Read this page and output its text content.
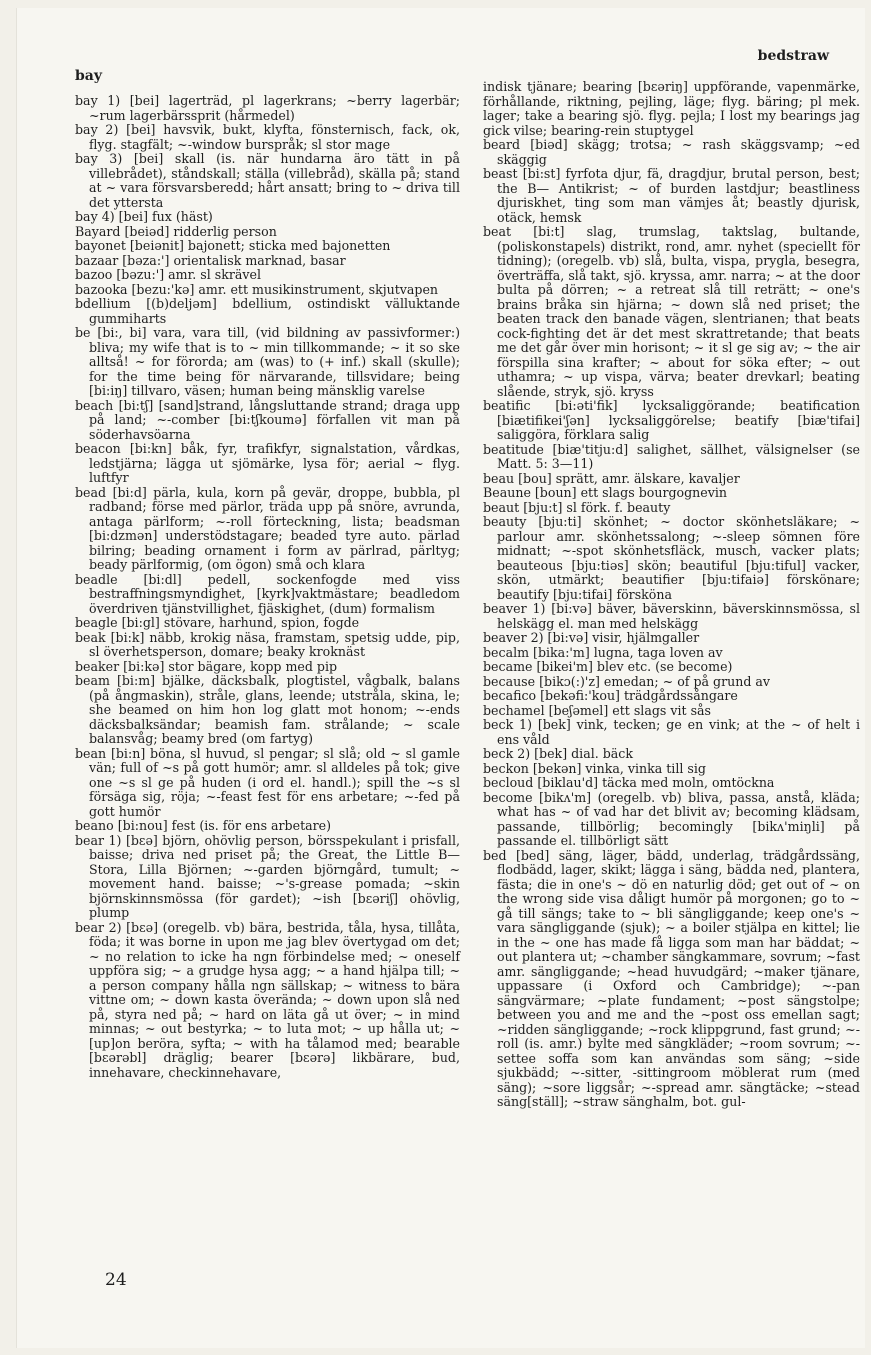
bay
bedstraw

bay 1) [bei] lagerträd, pl lagerkrans; ~berry lagerbär; ~rum lagerbärssprit (hårmedel)

bay 2) [bei] havsvik, bukt, klyfta, fönsternisch, fack, ok, flyg. stagfält; ~-window burspråk; sl stor mage

bay 3) [bei] skall (is. när hundarna äro tätt in på villebrådet), ståndskall; ställa (villebråd), skälla på; stand at ~ vara försvarsberedd; hårt ansatt; bring to ~ driva till det yttersta

bay 4) [bei] fux (häst)

Bayard [beiəd] ridderlig person

bayonet [beiənit] bajonett; sticka med bajonetten

bazaar [bəza:'] orientalisk marknad, basar

bazoo [bəzu:'] amr. sl skrävel

bazooka [bezu:'kə] amr. ett musikinstrument, skjutvapen

bdellium [(b)deljəm] bdellium, ostindiskt välluktande gummiharts

be [bi:, bi] vara, vara till, (vid bildning av passivformer:) bliva; my wife that is to ~ min tillkommande; ~ it so ske alltså! ~ for förorda; am (was) to (+ inf.) skall (skulle); for the time being för närvarande, tillsvidare; being [bi:iŋ] tillvaro, väsen; human being mänsklig varelse

beach [bi:tʃ] [sand]strand, långsluttande strand; draga upp på land; ~-comber [bi:tʃkoumə] förfallen vit man på söderhavsöarna

beacon [bi:kn] båk, fyr, trafikfyr, signalstation, vårdkas, ledstjärna; lägga ut sjömärke, lysa för; aerial ~ flyg. luftfyr

bead [bi:d] pärla, kula, korn på gevär, droppe, bubbla, pl radband; förse med pärlor, träda upp på snöre, avrunda, antaga pärlform; ~-roll förteckning, lista; beadsman [bi:dzmən] understödstagare; beaded tyre auto. pärlad bilring; beading ornament i form av pärlrad, pärltyg; beady pärlformig, (om ögon) små och klara

beadle [bi:dl] pedell, sockenfogde med viss bestraffningsmyndighet, [kyrk]vaktmästare; beadledom överdriven tjänstvillighet, fjäskighet, (dum) formalism

beagle [bi:gl] stövare, harhund, spion, fogde

beak [bi:k] näbb, krokig näsa, framstam, spetsig udde, pip, sl överhetsperson, domare; beaky kroknäst

beaker [bi:kə] stor bägare, kopp med pip

beam [bi:m] bjälke, däcksbalk, plogtistel, vågbalk, balans (på ångmaskin), stråle, glans, leende; utstråla, skina, le; she beamed on him hon log glatt mot honom; ~-ends däcksbalksändar; beamish fam. strålande; ~ scale balansvåg; beamy bred (om fartyg)

bean [bi:n] böna, sl huvud, sl pengar; sl slå; old ~ sl gamle vän; full of ~s på gott humör; amr. sl alldeles på tok; give one ~s sl ge på huden (i ord el. handl.); spill the ~s sl försäga sig, röja; ~-feast fest för ens arbetare; ~-fed på gott humör

beano [bi:nou] fest (is. för ens arbetare)

bear 1) [bɛə] björn, ohövlig person, börsspekulant i prisfall, baisse; driva ned priset på; the Great, the Little B— Stora, Lilla Björnen; ~-garden björngård, tumult; ~ movement hand. baisse; ~'s-grease pomada; ~skin björnskinnsmössa (för gardet); ~ish [bɛəriʃ] ohövlig, plump

bear 2) [bɛə] (oregelb. vb) bära, bestrida, tåla, hysa, tillåta, föda; it was borne in upon me jag blev övertygad om det; ~ no relation to icke ha ngn förbindelse med; ~ oneself uppföra sig; ~ a grudge hysa agg; ~ a hand hjälpa till; ~ a person company hålla ngn sällskap; ~ witness to bära vittne om; ~ down kasta överända; ~ down upon slå ned på, styra ned på; ~ hard on läta gå ut över; ~ in mind minnas; ~ out bestyrka; ~ to luta mot; ~ up hålla ut; ~ [up]on beröra, syfta; ~ with ha tålamod med; bearable [bɛərəbl] dräglig; bearer [bɛərə] likbärare, bud, innehavare, checkinnehavare,

indisk tjänare; bearing [bɛəriŋ] uppförande, vapenmärke, förhållande, riktning, pejling, läge; flyg. bäring; pl mek. lager; take a bearing sjö. flyg. pejla; I lost my bearings jag gick vilse; bearing-rein stuptygel

beard [biəd] skägg; trotsa; ~ rash skäggsvamp; ~ed skäggig

beast [bi:st] fyrfota djur, fä, dragdjur, brutal person, best; the B— Antikrist; ~ of burden lastdjur; beastliness djuriskhet, ting som man vämjes åt; beastly djurisk, otäck, hemsk

beat [bi:t] slag, trumslag, taktslag, bultande, (poliskonstapels) distrikt, rond, amr. nyhet (speciellt för tidning); (oregelb. vb) slå, bulta, vispa, prygla, besegra, överträffa, slå takt, sjö. kryssa, amr. narra; ~ at the door bulta på dörren; ~ a retreat slå till reträtt; ~ one's brains bråka sin hjärna; ~ down slå ned priset; the beaten track den banade vägen, slentrianen; that beats cock-fighting det är det mest skrattretande; that beats me det går över min horisont; ~ it sl ge sig av; ~ the air förspilla sina krafter; ~ about for söka efter; ~ out uthamra; ~ up vispa, värva; beater drevkarl; beating slående, stryk, sjö. kryss

beatific [bi:əti'fik] lycksaliggörande; beatification [biætifikei'ʃən] lycksaliggörelse; beatify [biæ'tifai] saliggöra, förklara salig

beatitude [biæ'titju:d] salighet, sällhet, välsignelser (se Matt. 5: 3—11)

beau [bou] sprätt, amr. älskare, kavaljer

Beaune [boun] ett slags bourgognevin

beaut [bju:t] sl förk. f. beauty

beauty [bju:ti] skönhet; ~ doctor skönhetsläkare; ~ parlour amr. skönhetssalong; ~-sleep sömnen före midnatt; ~-spot skönhetsfläck, musch, vacker plats; beauteous [bju:tiəs] skön; beautiful [bju:tiful] vacker, skön, utmärkt; beautifier [bju:tifaiə] förskönare; beautify [bju:tifai] försköna

beaver 1) [bi:və] bäver, bäverskinn, bäverskinnsmössa, sl helskägg el. man med helskägg

beaver 2) [bi:və] visir, hjälmgaller

becalm [bika:'m] lugna, taga loven av

became [bikei'm] blev etc. (se become)

because [bikɔ(:)'z] emedan; ~ of på grund av

becafico [bekəfi:'kou] trädgårdssångare

bechamel [beʃəmel] ett slags vit sås

beck 1) [bek] vink, tecken; ge en vink; at the ~ of helt i ens våld

beck 2) [bek] dial. bäck

beckon [bekən] vinka, vinka till sig

becloud [biklau'd] täcka med moln, omtöckna

become [bikʌ'm] (oregelb. vb) bliva, passa, anstå, kläda; what has ~ of vad har det blivit av; becoming klädsam, passande, tillbörlig; becomingly [bikʌ'miŋli] på passande el. tillbörligt sätt

bed [bed] säng, läger, bädd, underlag, trädgårdssäng, flodbädd, lager, skikt; lägga i säng, bädda ned, plantera, fästa; die in one's ~ dö en naturlig död; get out of ~ on the wrong side visa dåligt humör på morgonen; go to ~ gå till sängs; take to ~ bli sängliggande; keep one's ~ vara sängliggande (sjuk); ~ a boiler stjälpa en kittel; lie in the ~ one has made få ligga som man har bäddat; ~ out plantera ut; ~chamber sängkammare, sovrum; ~fast amr. sängliggande; ~head huvudgärd; ~maker tjänare, uppassare (i Oxford och Cambridge); ~-pan sängvärmare; ~plate fundament; ~post sängstolpe; between you and me and the ~post oss emellan sagt; ~ridden sängliggande; ~rock klippgrund, fast grund; ~-roll (is. amr.) bylte med sängkläder; ~room sovrum; ~-settee soffa som kan användas som säng; ~side sjukbädd; ~-sitter, -sittingroom möblerat rum (med säng); ~sore liggsår; ~-spread amr. sängtäcke; ~stead säng[ställ]; ~straw sänghalm, bot. gul-

24
